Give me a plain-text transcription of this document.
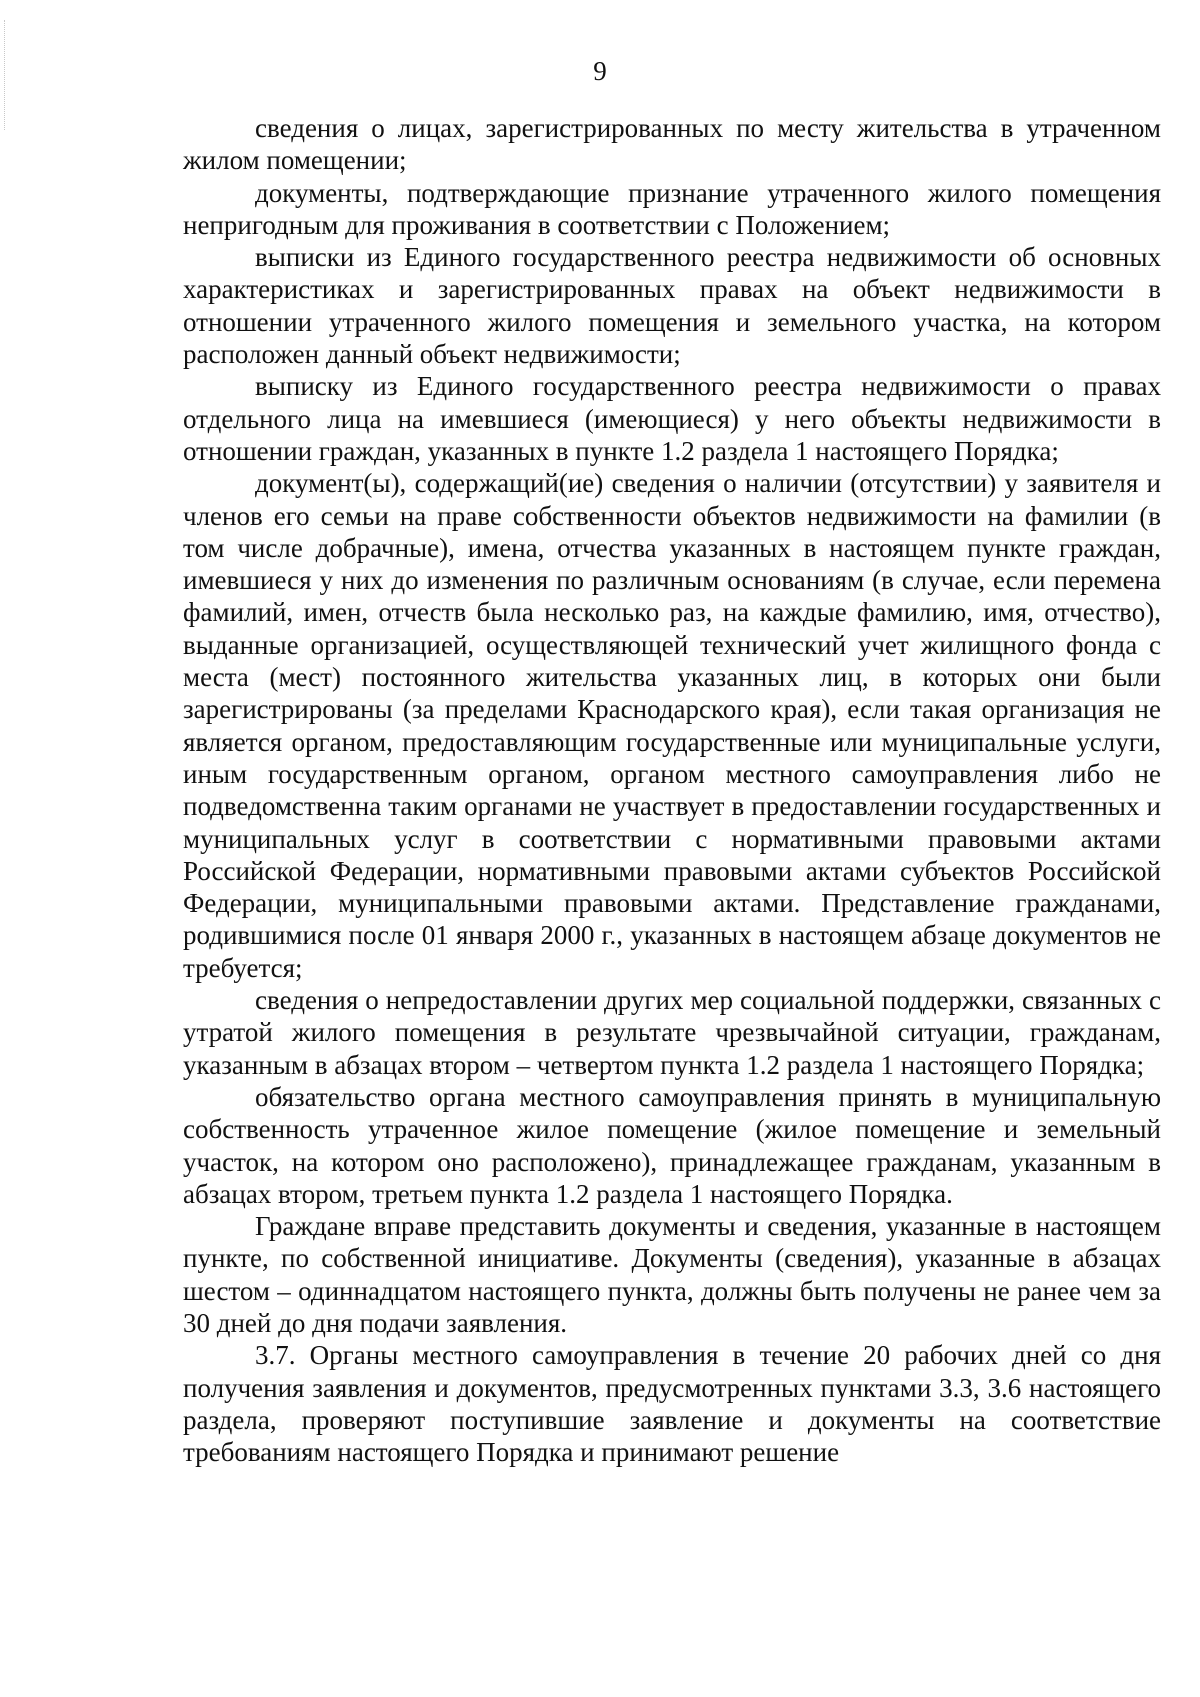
9

сведения о лицах, зарегистрированных по месту жительства в утраченном жилом помещении;

документы, подтверждающие признание утраченного жилого помещения непригодным для проживания в соответствии с Положением;

выписки из Единого государственного реестра недвижимости об основных характеристиках и зарегистрированных правах на объект недвижимости в отношении утраченного жилого помещения и земельного участка, на котором расположен данный объект недвижимости;

выписку из Единого государственного реестра недвижимости о правах отдельного лица на имевшиеся (имеющиеся) у него объекты недвижимости в отношении граждан, указанных в пункте 1.2 раздела 1 настоящего Порядка;

документ(ы), содержащий(ие) сведения о наличии (отсутствии) у заявителя и членов его семьи на праве собственности объектов недвижимости на фамилии (в том числе добрачные), имена, отчества указанных в настоящем пункте граждан, имевшиеся у них до изменения по различным основаниям (в случае, если перемена фамилий, имен, отчеств была несколько раз, на каждые фамилию, имя, отчество), выданные организацией, осуществляющей технический учет жилищного фонда с места (мест) постоянного жительства указанных лиц, в которых они были зарегистрированы (за пределами Краснодарского края), если такая организация не является органом, предоставляющим государственные или муниципальные услуги, иным государственным органом, органом местного самоуправления либо не подведомственна таким органами не участвует в предоставлении государственных и муниципальных услуг в соответствии с нормативными правовыми актами Российской Федерации, нормативными правовыми актами субъектов Российской Федерации, муниципальными правовыми актами. Представление гражданами, родившимися после 01 января 2000 г., указанных в настоящем абзаце документов не требуется;

сведения о непредоставлении других мер социальной поддержки, связанных с утратой жилого помещения в результате чрезвычайной ситуации, гражданам, указанным в абзацах втором – четвертом пункта 1.2 раздела 1 настоящего Порядка;

обязательство органа местного самоуправления принять в муниципальную собственность утраченное жилое помещение (жилое помещение и земельный участок, на котором оно расположено), принадлежащее гражданам, указанным в абзацах втором, третьем пункта 1.2 раздела 1 настоящего Порядка.

Граждане вправе представить документы и сведения, указанные в настоящем пункте, по собственной инициативе. Документы (сведения), указанные в абзацах шестом – одиннадцатом настоящего пункта, должны быть получены не ранее чем за 30 дней до дня подачи заявления.

3.7. Органы местного самоуправления в течение 20 рабочих дней со дня получения заявления и документов, предусмотренных пунктами 3.3, 3.6 настоящего раздела, проверяют поступившие заявление и документы на соответствие требованиям настоящего Порядка и принимают решение
